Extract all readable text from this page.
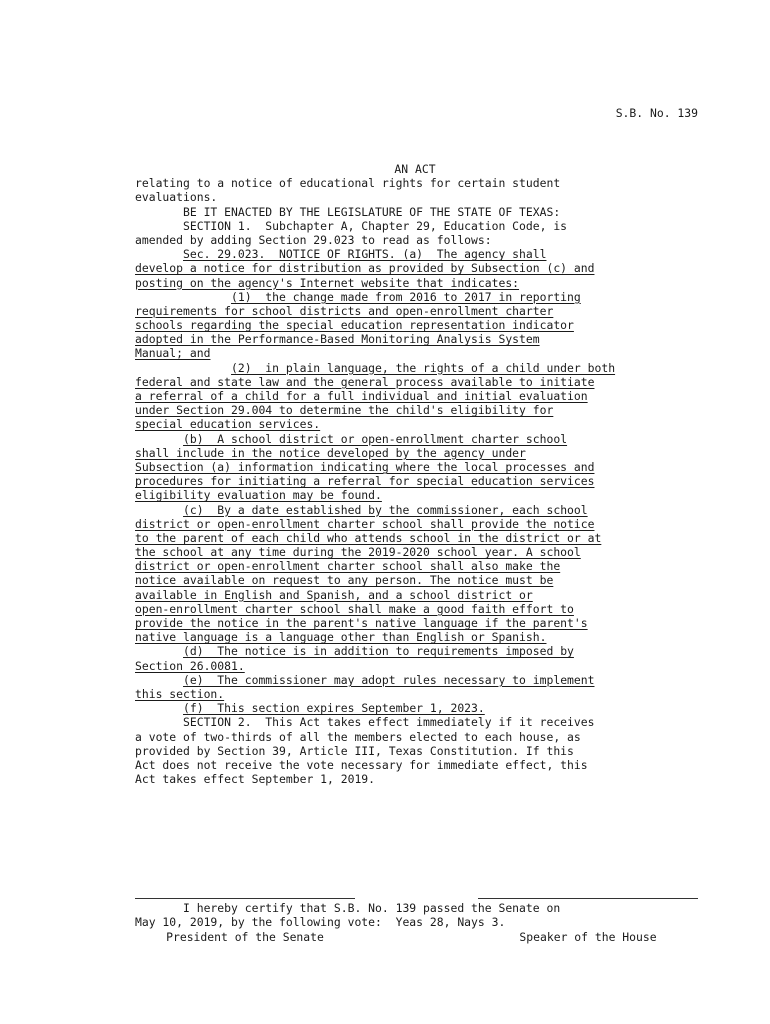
S.B. No. 139
AN ACT
relating to a notice of educational rights for certain student
evaluations.
BE IT ENACTED BY THE LEGISLATURE OF THE STATE OF TEXAS:
SECTION 1.  Subchapter A, Chapter 29, Education Code, is
amended by adding Section 29.023 to read as follows:
Sec. 29.023.  NOTICE OF RIGHTS. (a)  The agency shall
develop a notice for distribution as provided by Subsection (c) and
posting on the agency's Internet website that indicates:
(1)  the change made from 2016 to 2017 in reporting
requirements for school districts and open-enrollment charter
schools regarding the special education representation indicator
adopted in the Performance-Based Monitoring Analysis System
Manual; and
(2)  in plain language, the rights of a child under both
federal and state law and the general process available to initiate
a referral of a child for a full individual and initial evaluation
under Section 29.004 to determine the child's eligibility for
special education services.
(b)  A school district or open-enrollment charter school
shall include in the notice developed by the agency under
Subsection (a) information indicating where the local processes and
procedures for initiating a referral for special education services
eligibility evaluation may be found.
(c)  By a date established by the commissioner, each school
district or open-enrollment charter school shall provide the notice
to the parent of each child who attends school in the district or at
the school at any time during the 2019-2020 school year. A school
district or open-enrollment charter school shall also make the
notice available on request to any person. The notice must be
available in English and Spanish, and a school district or
open-enrollment charter school shall make a good faith effort to
provide the notice in the parent's native language if the parent's
native language is a language other than English or Spanish.
(d)  The notice is in addition to requirements imposed by
Section 26.0081.
(e)  The commissioner may adopt rules necessary to implement
this section.
(f)  This section expires September 1, 2023.
SECTION 2.  This Act takes effect immediately if it receives
a vote of two-thirds of all the members elected to each house, as
provided by Section 39, Article III, Texas Constitution. If this
Act does not receive the vote necessary for immediate effect, this
Act takes effect September 1, 2019.

President of the Senate

	Speaker of the House

I hereby certify that S.B. No. 139 passed the Senate on
May 10, 2019, by the following vote:  Yeas 28, Nays 3.
